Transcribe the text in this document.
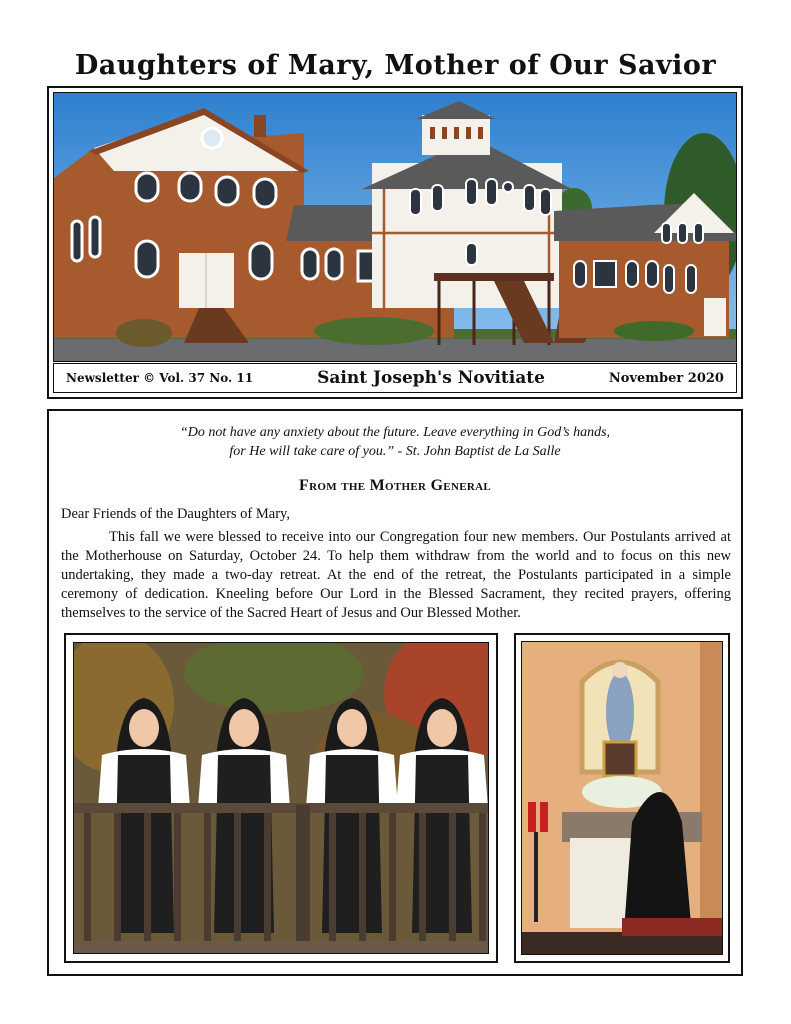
Daughters of Mary, Mother of Our Savior
Newsletter © Vol. 37 No. 11	Saint Joseph's Novitiate	November 2020
“Do not have any anxiety about the future. Leave everything in God’s hands,
for He will take care of you.” - St. John Baptist de La Salle
From the Mother General
Dear Friends of the Daughters of Mary,
This fall we were blessed to receive into our Congregation four new members. Our Postulants arrived at the Motherhouse on Saturday, October 24. To help them withdraw from the world and to focus on this new undertaking, they made a two-day retreat. At the end of the retreat, the Postulants participated in a simple ceremony of dedication. Kneeling before Our Lord in the Blessed Sacrament, they recited prayers, offering themselves to the service of the Sacred Heart of Jesus and Our Blessed Mother.
